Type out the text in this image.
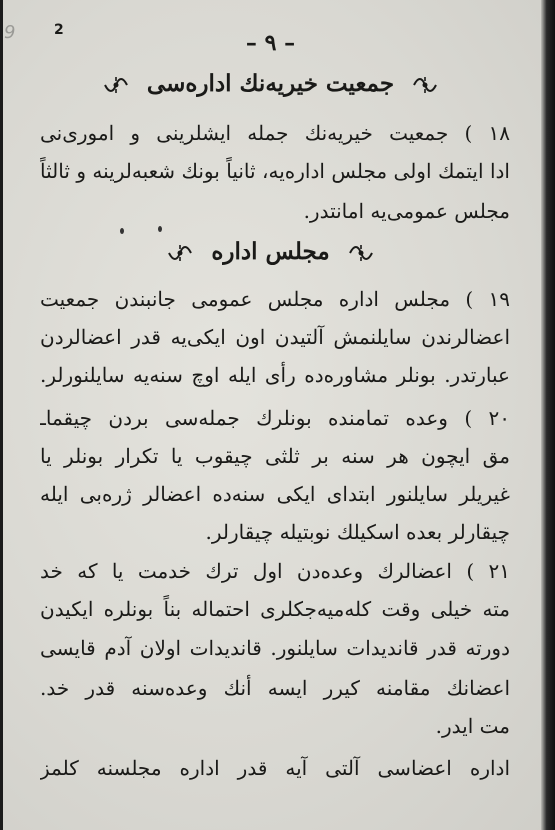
9	2	– ٩ –
جمعیت خیریه‌نك اداره‌سی
مجلس اداره
١٨ ) جمعیت خیریه‌نك جمله ایشلرینی و اموری‌نی
ادا ایتمك اولی مجلس اداره‌یه، ثانیاً بونك شعبه‌لرینه و ثالثاً
مجلس عمومی‌یه امانتدر.
١٩ ) مجلس اداره مجلس عمومی جانبندن جمعیت
اعضالرندن سایلنمش آلتیدن اون ایکی‌یه قدر اعضالردن
عبارتدر. بونلر مشاوره‌ده رأی ایله اوچ سنه‌یه سایلنورلر.
٢٠ ) وعده تمامنده بونلرك جمله‌سی بردن چیقماـ
مق ایچون هر سنه بر ثلثی چیقوب یا تکرار بونلر یا
غیریلر سایلنور ابتدای ایکی سنه‌ده اعضالر ژره‌بی ایله
چیقارلر بعده اسکیلك نوبتیله چیقارلر.
٢١ ) اعضالرك وعده‌دن اول ترك خدمت یا كه خد
مته خیلی وقت کله‌میه‌جکلری احتماله بناً بونلره ایکیدن
دورته قدر قاندیدات سایلنور. قاندیدات اولان آدم قایسی
اعضانك مقامنه کیرر ایسه أنك وعده‌سنه قدر خد.
مت ایدر.
اداره اعضاسی آلتی آیه قدر اداره مجلسنه کلمز
